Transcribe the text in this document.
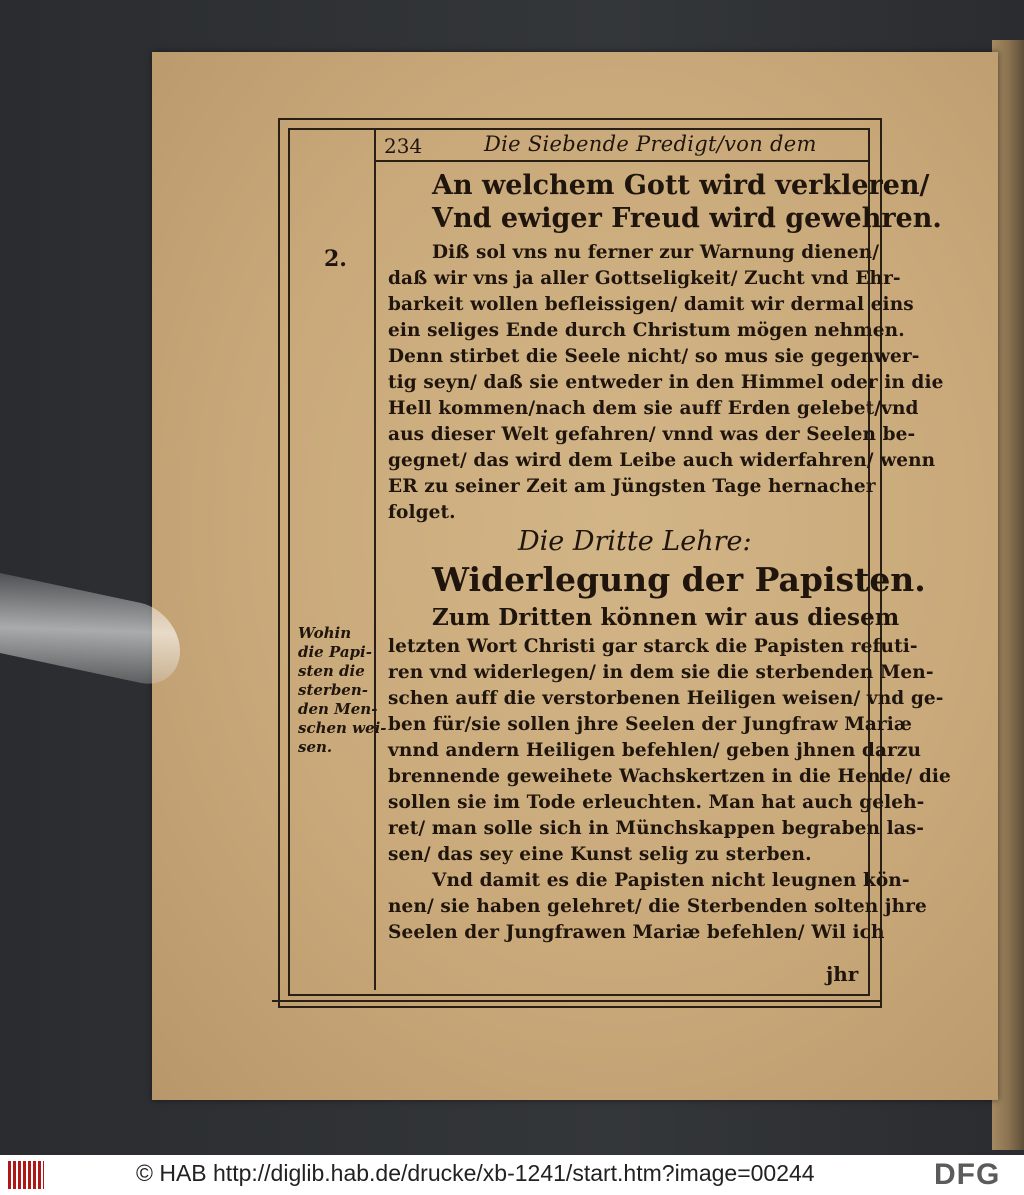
234	Die Siebende Predigt/von dem
An welchem Gott wird verkleren/
Vnd ewiger Freud wird gewehren.
2.	Diß sol vns nu ferner zur Warnung dienen/
daß wir vns ja aller Gottseligkeit/ Zucht vnd Ehr-
barkeit wollen befleissigen/ damit wir dermal eins
ein seliges Ende durch Christum mögen nehmen.
Denn stirbet die Seele nicht/ so mus sie gegenwer-
tig seyn/ daß sie entweder in den Himmel oder in die
Hell kommen/nach dem sie auff Erden gelebet/vnd
aus dieser Welt gefahren/ vnnd was der Seelen be-
gegnet/ das wird dem Leibe auch widerfahren/ wenn
ER zu seiner Zeit am Jüngsten Tage hernacher
folget.
Die Dritte Lehre:
Widerlegung der Papisten.
Zum Dritten können wir aus diesem
letzten Wort Christi gar starck die Papisten refuti-
ren vnd widerlegen/ in dem sie die sterbenden Men-
schen auff die verstorbenen Heiligen weisen/ vnd ge-
ben für/sie sollen jhre Seelen der Jungfraw Mariæ
vnnd andern Heiligen befehlen/ geben jhnen darzu
brennende geweihete Wachskertzen in die Hende/ die
sollen sie im Tode erleuchten. Man hat auch geleh-
ret/ man solle sich in Münchskappen begraben las-
sen/ das sey eine Kunst selig zu sterben.
Vnd damit es die Papisten nicht leugnen kön-
nen/ sie haben gelehret/ die Sterbenden solten jhre
Seelen der Jungfrawen Mariæ befehlen/ Wil ich
Wohin
die Papi-
sten die
sterben-
den Men-
schen wei-
sen.
jhr
© HAB http://diglib.hab.de/drucke/xb-1241/start.htm?image=00244	DFG
